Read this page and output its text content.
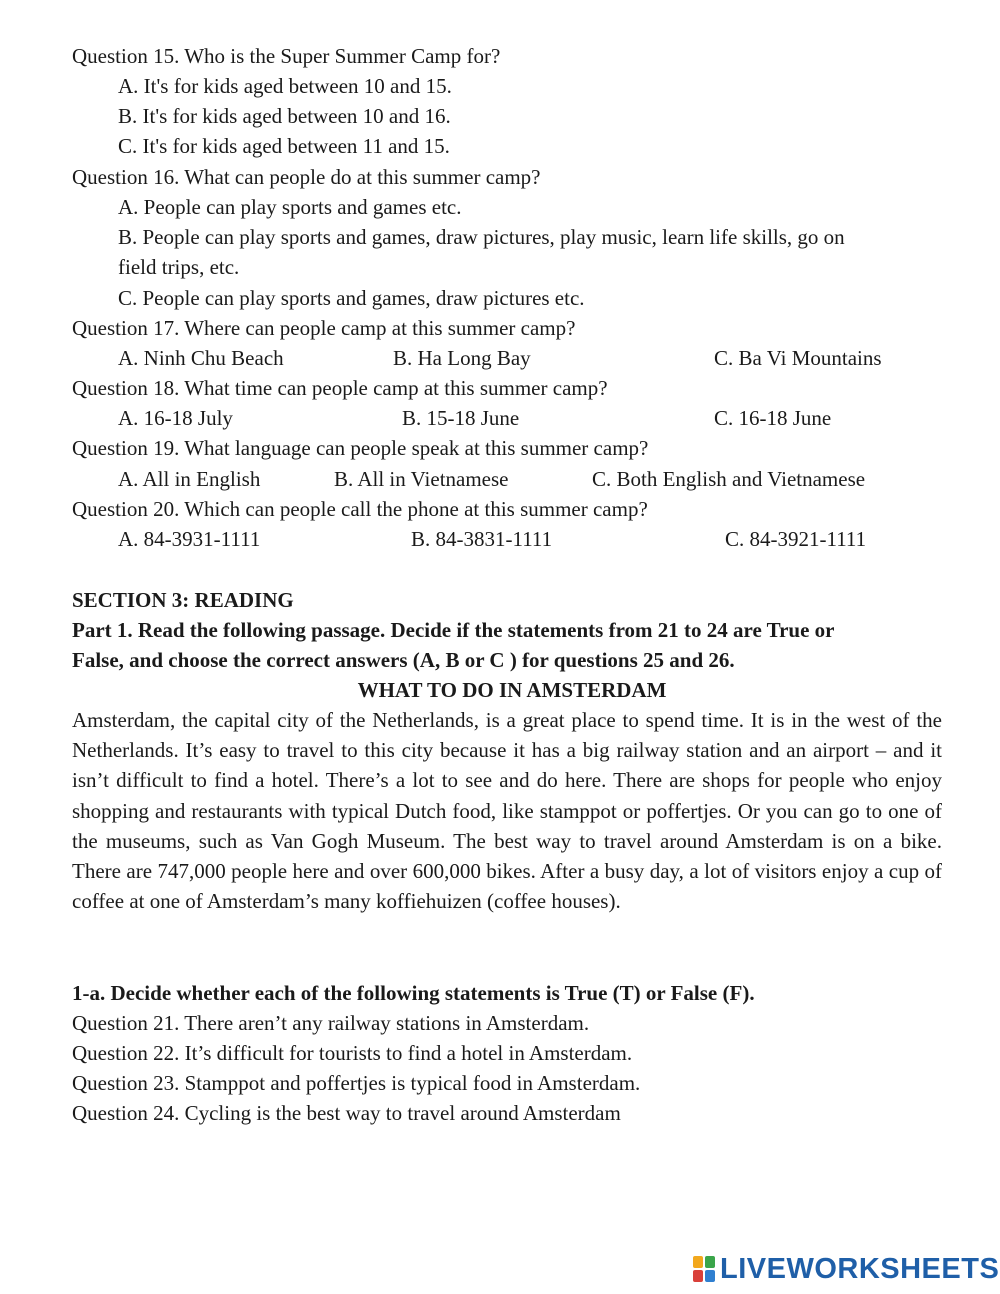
Question 15. Who is the Super Summer Camp for?
A. It's for kids aged between 10 and 15.
B. It's for kids aged between 10 and 16.
C. It's for kids aged between 11 and 15.
Question 16. What can people do at this summer camp?
A. People can play sports and games etc.
B. People can play sports and games, draw pictures, play music, learn life skills, go on
field trips, etc.
C. People can play sports and games, draw pictures etc.
Question 17. Where can people camp at this summer camp?
A. Ninh Chu Beach	B. Ha Long Bay	C. Ba Vi Mountains
Question 18. What time can people camp at this summer camp?
A. 16-18 July	B. 15-18 June	C. 16-18 June
Question 19. What language can people speak at this summer camp?
A. All in English	B. All in Vietnamese	C. Both English and Vietnamese
Question 20. Which can people call the phone at this summer camp?
A. 84-3931-1111	B. 84-3831-1111	C. 84-3921-1111
SECTION 3: READING
Part 1. Read the following passage. Decide if the statements from 21 to 24 are True or
False, and choose the correct answers (A, B or C ) for questions 25 and 26.
WHAT TO DO IN AMSTERDAM
Amsterdam, the capital city of the Netherlands, is a great place to spend time. It is in the west of the Netherlands. It’s easy to travel to this city because it has a big railway station and an airport – and it isn’t difficult to find a hotel. There’s a lot to see and do here. There are shops for people who enjoy shopping and restaurants with typical Dutch food, like stamppot or poffertjes. Or you can go to one of the museums, such as Van Gogh Museum. The best way to travel around Amsterdam is on a bike. There are 747,000 people here and over 600,000 bikes. After a busy day, a lot of visitors enjoy a cup of coffee at one of Amsterdam’s many koffiehuizen (coffee houses).
1-a. Decide whether each of the following statements is True (T) or False (F).
Question 21. There aren’t any railway stations in Amsterdam.
Question 22. It’s difficult for tourists to find a hotel in Amsterdam.
Question 23. Stamppot and poffertjes is typical food in Amsterdam.
Question 24. Cycling is the best way to travel around Amsterdam
LIVEWORKSHEETS
